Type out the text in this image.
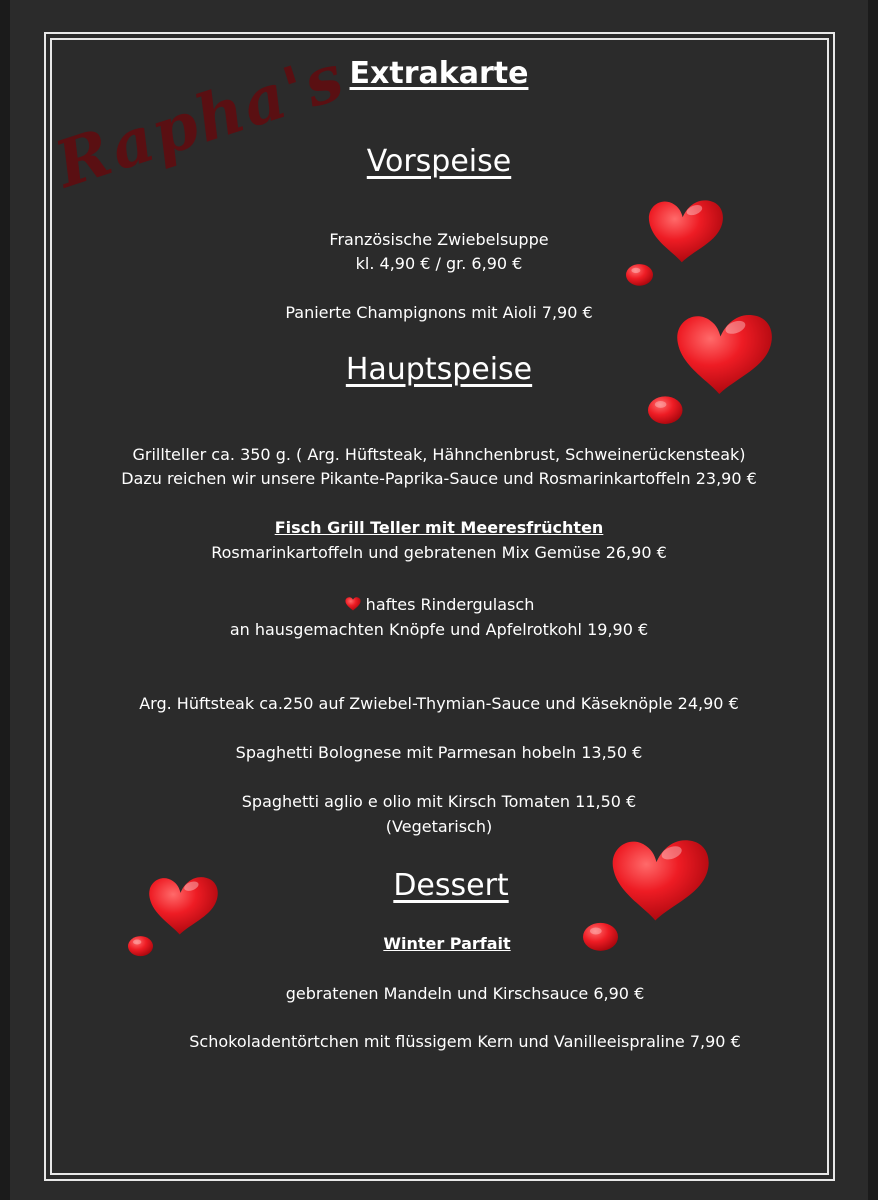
Rapha's
Extrakarte
Vorspeise
Französische Zwiebelsuppe
kl. 4,90 € / gr. 6,90 €
Panierte Champignons mit Aioli 7,90 €
Hauptspeise
Grillteller ca. 350 g. ( Arg. Hüftsteak, Hähnchenbrust, Schweinerückensteak)
Dazu reichen wir unsere Pikante-Paprika-Sauce und Rosmarinkartoffeln 23,90 €
Fisch Grill Teller mit Meeresfrüchten
Rosmarinkartoffeln und gebratenen Mix Gemüse 26,90 €
haftes Rindergulasch
an hausgemachten Knöpfe und Apfelrotkohl 19,90 €
Arg. Hüftsteak ca.250 auf Zwiebel-Thymian-Sauce und Käseknöple 24,90 €
Spaghetti Bolognese mit Parmesan hobeln 13,50 €
Spaghetti aglio e olio mit Kirsch Tomaten 11,50 €
(Vegetarisch)
Dessert
Winter Parfait
gebratenen Mandeln und Kirschsauce 6,90 €
Schokoladentörtchen mit flüssigem Kern und Vanilleeispraline 7,90 €
